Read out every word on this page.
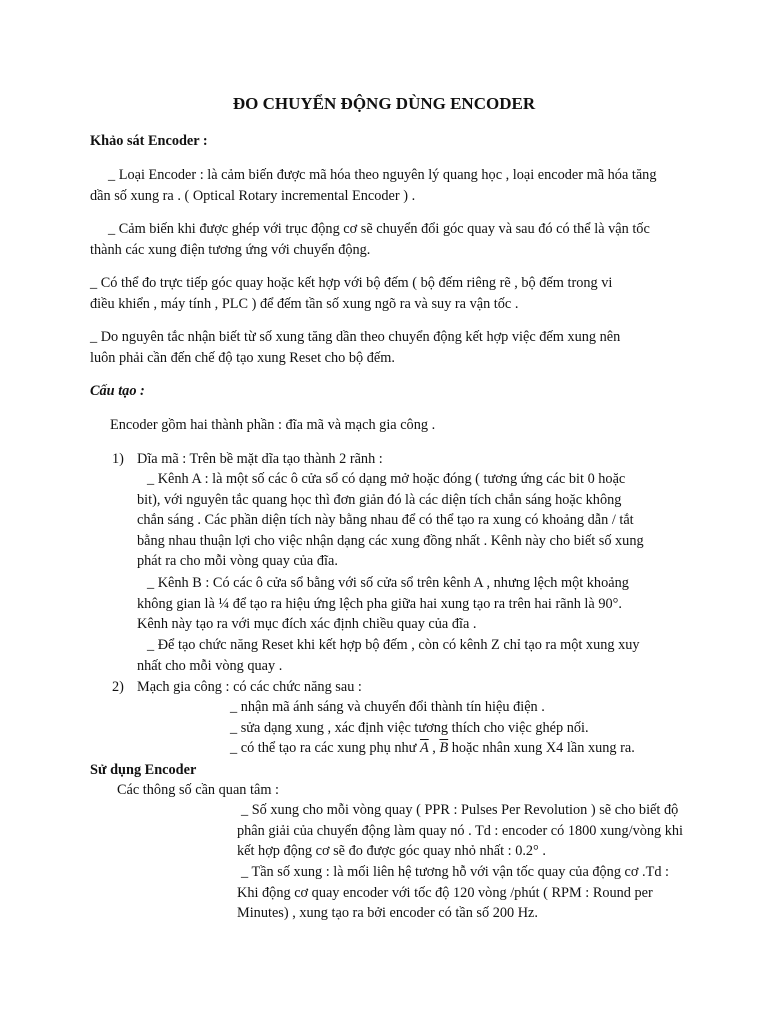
ĐO CHUYỂN ĐỘNG DÙNG ENCODER
Khảo sát Encoder :
_ Loại Encoder : là cảm biến được mã hóa theo nguyên lý quang học , loại encoder mã hóa tăng
dần số xung ra . ( Optical Rotary incremental Encoder ) .
_ Cảm biến khi được ghép với trục động cơ sẽ chuyển đổi góc quay và sau đó có thể là vận tốc
thành các xung điện tương ứng với chuyển động.
_ Có thể đo trực tiếp góc quay hoặc kết hợp với bộ đếm ( bộ đếm riêng rẽ , bộ đếm trong vi
điều khiển , máy tính , PLC ) để đếm tần số xung ngõ ra và suy ra vận tốc .
_ Do nguyên tắc nhận biết từ số xung tăng dần theo chuyển động kết hợp việc đếm xung nên
luôn phải cần đến chế độ tạo xung Reset cho bộ đếm.
Cấu tạo :
Encoder gồm hai thành phần : đĩa mã và mạch gia công .
1) Dĩa mã : Trên bề mặt dĩa tạo thành 2 rãnh :
_ Kênh A : là một số các ô cửa sổ có dạng mở hoặc đóng ( tương ứng các bit 0 hoặc
bit), với nguyên tắc quang học thì đơn giản đó là các diện tích chắn sáng hoặc không
chắn sáng . Các phần diện tích này bằng nhau để có thể tạo ra xung có khoảng dẫn / tắt
bằng nhau thuận lợi cho việc nhận dạng các xung đồng nhất . Kênh này cho biết số xung
phát ra cho mỗi vòng quay của đĩa.
_ Kênh B : Có các ô cửa sổ bằng với số cửa sổ trên kênh A , nhưng lệch một khoảng
không gian là ¼ để tạo ra hiệu ứng lệch pha giữa hai xung tạo ra trên hai rãnh là 90°.
Kênh này tạo ra với mục đích xác định chiều quay của đĩa .
_ Để tạo chức năng Reset khi kết hợp bộ đếm , còn có kênh Z chỉ tạo ra một xung xuy
nhất cho mỗi vòng quay .
2) Mạch gia công : có các chức năng sau :
_ nhận mã ánh sáng và chuyển đổi thành tín hiệu điện .
_ sửa dạng xung , xác định việc tương thích cho việc ghép nối.
_ có thể tạo ra các xung phụ như $\overline{A}$ , $\overline{B}$ hoặc nhân xung X4 lần xung ra.
Sử dụng Encoder
Các thông số cần quan tâm :
_ Số xung cho mỗi vòng quay ( PPR : Pulses Per Revolution ) sẽ cho biết độ
phân giải của chuyển động làm quay nó . Td : encoder có 1800 xung/vòng khi
kết hợp động cơ sẽ đo được góc quay nhỏ nhất : 0.2° .
_ Tần số xung : là mối liên hệ tương hỗ với vận tốc quay của động cơ .Td :
Khi động cơ quay encoder với tốc độ 120 vòng /phút ( RPM : Round per
Minutes) , xung tạo ra bởi encoder có tần số 200 Hz.
